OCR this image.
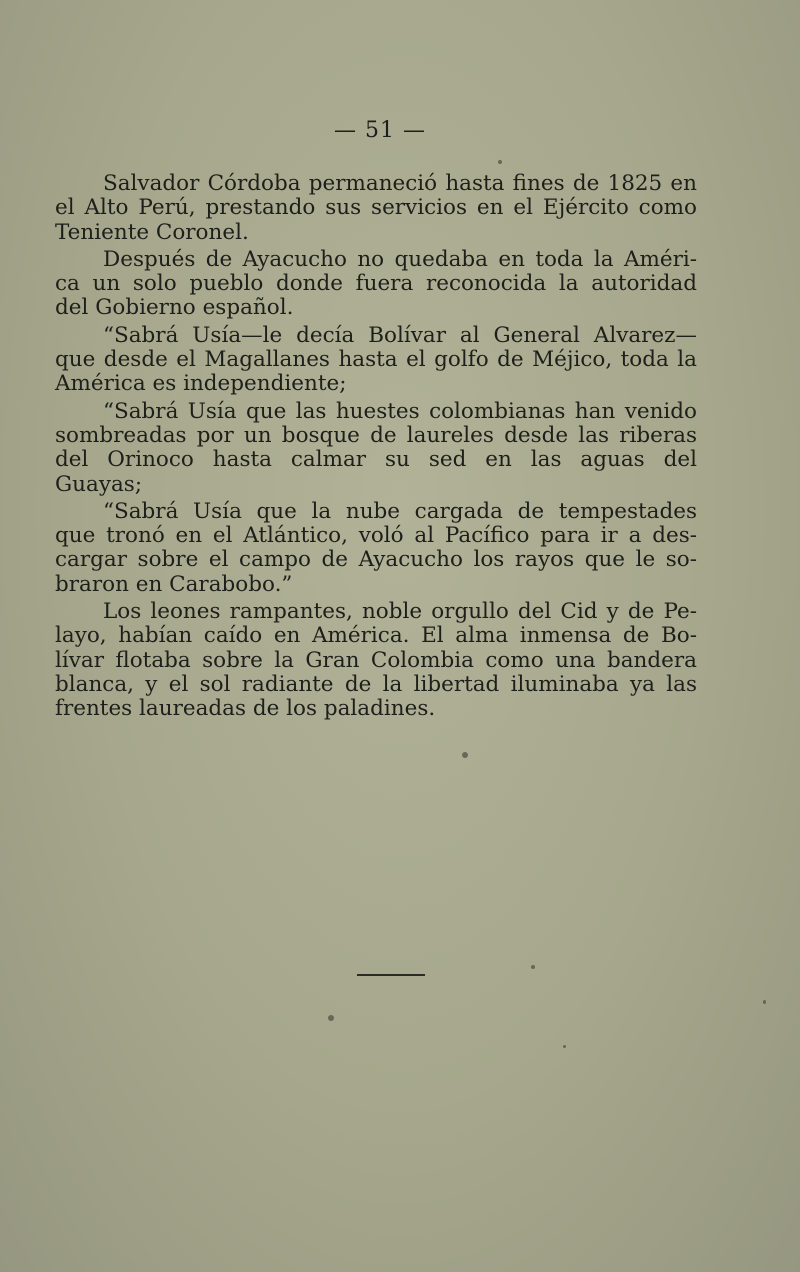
— 51 —
Salvador Córdoba permaneció hasta fines de 1825 en
el Alto Perú, prestando sus servicios en el Ejército como
Teniente Coronel.
Después de Ayacucho no quedaba en toda la Améri-
ca un solo pueblo donde fuera reconocida la autoridad
del Gobierno español.
“Sabrá Usía—le decía Bolívar al General Alvarez—
que desde el Magallanes hasta el golfo de Méjico, toda la
América es independiente;
“Sabrá Usía que las huestes colombianas han venido
sombreadas por un bosque de laureles desde las riberas
del Orinoco hasta calmar su sed en las aguas del
Guayas;
“Sabrá Usía que la nube cargada de tempestades
que tronó en el Atlántico, voló al Pacífico para ir a des-
cargar sobre el campo de Ayacucho los rayos que le so-
braron en Carabobo.”
Los leones rampantes, noble orgullo del Cid y de Pe-
layo, habían caído en América. El alma inmensa de Bo-
lívar flotaba sobre la Gran Colombia como una bandera
blanca, y el sol radiante de la libertad iluminaba ya las
frentes laureadas de los paladines.
